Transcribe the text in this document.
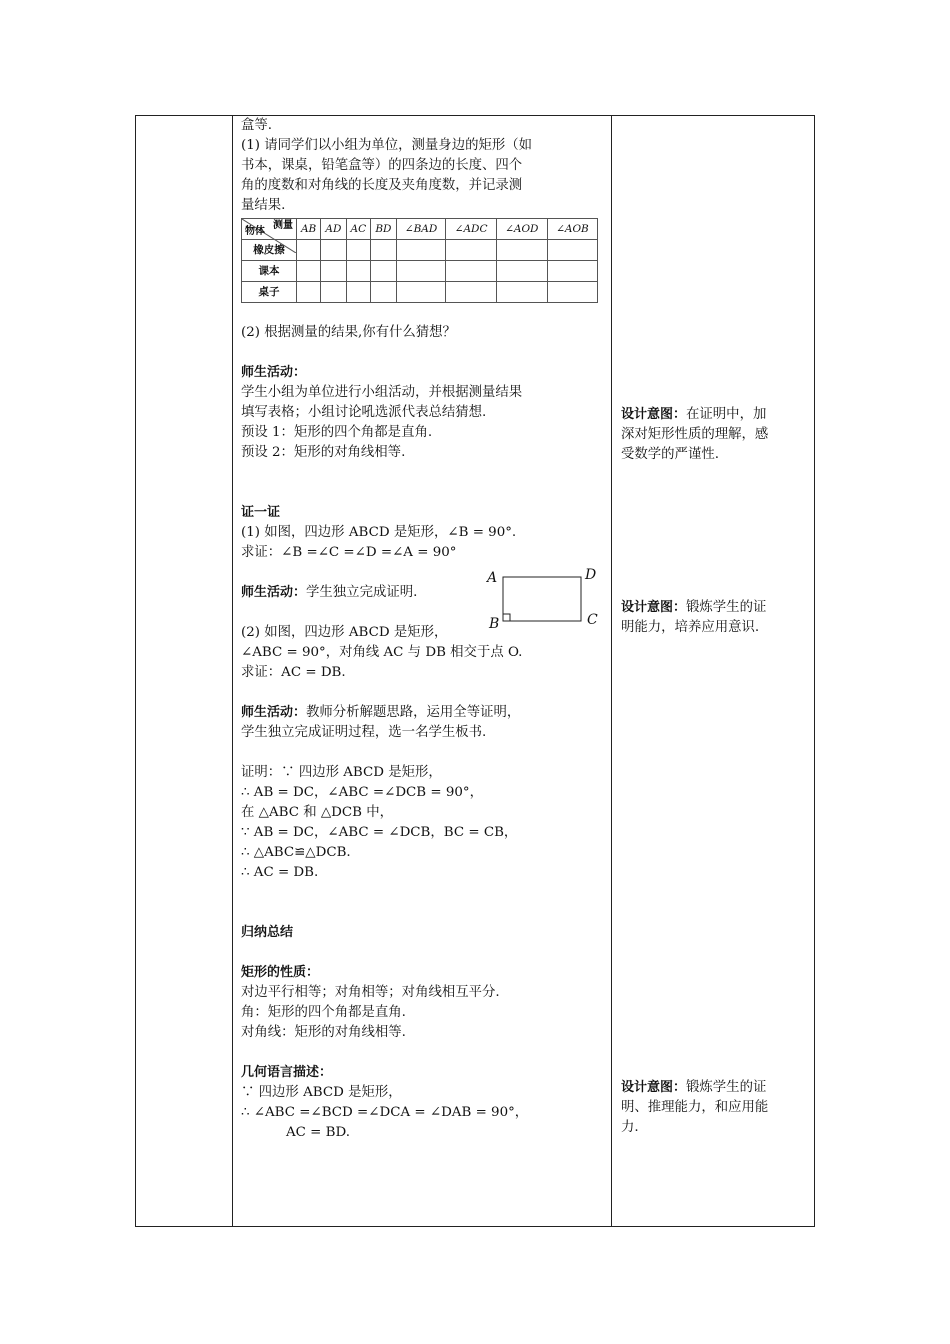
盒等.

(1) 请同学们以小组为单位，测量身边的矩形（如

书本，课桌，铅笔盒等）的四条边的长度、四个

角的度数和对角线的长度及夹角度数，并记录测

量结果.

测量
物体	AB	AD	AC	BD	∠BAD	∠ADC	∠AOD	∠AOB
橡皮擦								
课本								
桌子								

(2) 根据测量的结果,你有什么猜想？

师生活动：

学生小组为单位进行小组活动，并根据测量结果

填写表格；小组讨论吼选派代表总结猜想.

预设 1：矩形的四个角都是直角.

预设 2：矩形的对角线相等.

证一证

(1) 如图，四边形 ABCD 是矩形，∠B = 90°.

求证：∠B =∠C =∠D =∠A = 90°

师生活动：学生独立完成证明.

(2) 如图，四边形 ABCD 是矩形，

∠ABC = 90°，对角线 AC 与 DB 相交于点 O.

求证：AC = DB.

师生活动：教师分析解题思路，运用全等证明，

学生独立完成证明过程，选一名学生板书.

证明：∵ 四边形 ABCD 是矩形，

∴ AB = DC，∠ABC =∠DCB = 90°，

在 △ABC 和 △DCB 中，

∵ AB = DC，∠ABC = ∠DCB，BC = CB，

∴ △ABC≌△DCB.

∴ AC = DB.

归纳总结

矩形的性质：

对边平行相等；对角相等；对角线相互平分.

角：矩形的四个角都是直角.

对角线：矩形的对角线相等.

几何语言描述：

∵ 四边形 ABCD 是矩形，

∴ ∠ABC =∠BCD =∠DCA = ∠DAB = 90°，

AC = BD.

A	D
B	C

设计意图：在证明中，加

深对矩形性质的理解，感

受数学的严谨性.

设计意图：锻炼学生的证

明能力，培养应用意识.

设计意图：锻炼学生的证

明、推理能力，和应用能

力.
